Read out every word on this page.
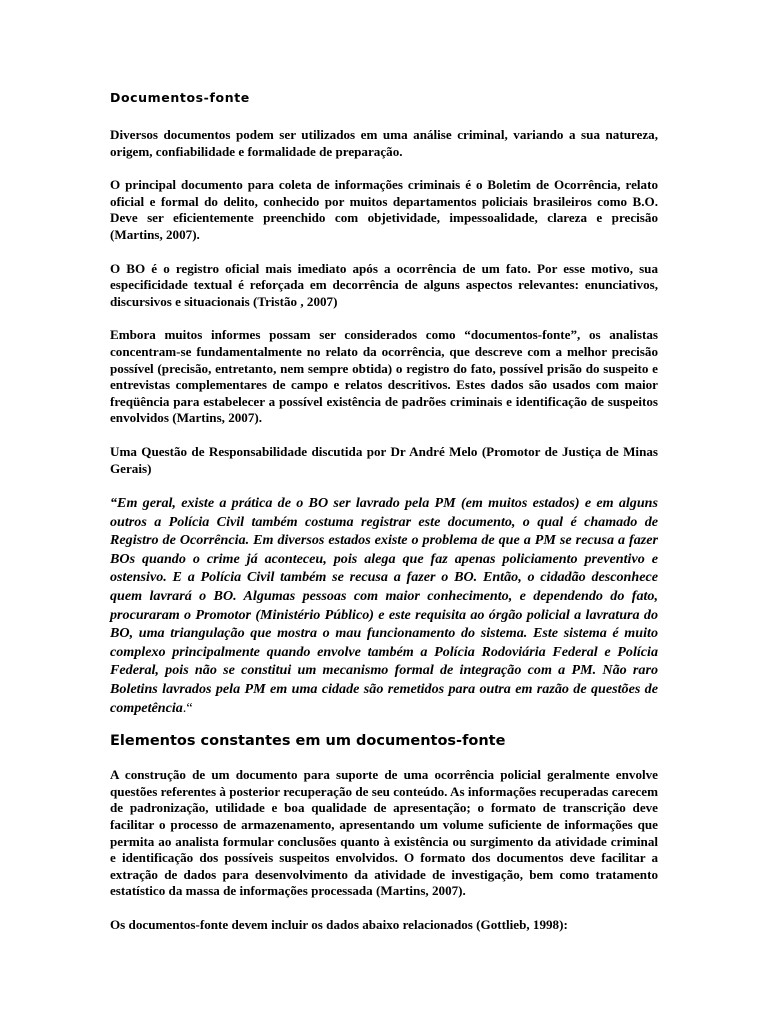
Documentos-fonte

Diversos documentos podem ser utilizados em uma análise criminal, variando a sua natureza, origem, confiabilidade e formalidade de preparação.

O principal documento para coleta de informações criminais é o Boletim de Ocorrência, relato oficial e formal do delito, conhecido por muitos departamentos policiais brasileiros como B.O. Deve ser eficientemente preenchido com objetividade, impessoalidade, clareza e precisão (Martins, 2007).

O BO é o registro oficial mais imediato após a ocorrência de um fato. Por esse motivo, sua especificidade textual é reforçada em decorrência de alguns aspectos relevantes: enunciativos, discursivos e situacionais (Tristão , 2007)

Embora muitos informes possam ser considerados como “documentos-fonte”, os analistas concentram-se fundamentalmente no relato da ocorrência, que descreve com a melhor precisão possível (precisão, entretanto, nem sempre obtida) o registro do fato, possível prisão do suspeito e entrevistas complementares de campo e relatos descritivos. Estes dados são usados com maior freqüência para estabelecer a possível existência de padrões criminais e identificação de suspeitos envolvidos (Martins, 2007).

Uma Questão de Responsabilidade discutida por Dr André Melo (Promotor de Justiça de Minas Gerais)

“Em geral, existe a prática de o BO ser lavrado pela PM (em muitos estados) e em alguns outros a Polícia Civil também costuma registrar este documento, o qual é chamado de Registro de Ocorrência. Em diversos estados existe o problema de que a PM se recusa a fazer BOs quando o crime já aconteceu, pois alega que faz apenas policiamento preventivo e ostensivo. E a Polícia Civil também se recusa a fazer o BO. Então, o cidadão desconhece quem lavrará o BO. Algumas pessoas com maior conhecimento, e dependendo do fato, procuraram o Promotor (Ministério Público) e este requisita ao órgão policial a lavratura do BO, uma triangulação que mostra o mau funcionamento do sistema. Este sistema é muito complexo principalmente quando envolve também a Polícia Rodoviária Federal e Polícia Federal, pois não se constitui um mecanismo formal de integração com a PM. Não raro Boletins lavrados pela PM em uma cidade são remetidos para outra em razão de questões de competência.“

Elementos constantes em um documentos-fonte

A construção de um documento para suporte de uma ocorrência policial geralmente envolve questões referentes à posterior recuperação de seu conteúdo. As informações recuperadas carecem de padronização, utilidade e boa qualidade de apresentação; o formato de transcrição deve facilitar o processo de armazenamento, apresentando um volume suficiente de informações que permita ao analista formular conclusões quanto à existência ou surgimento da atividade criminal e identificação dos possíveis suspeitos envolvidos. O formato dos documentos deve facilitar a extração de dados para desenvolvimento da atividade de investigação, bem como tratamento estatístico da massa de informações processada (Martins, 2007).

Os documentos-fonte devem incluir os dados abaixo relacionados (Gottlieb, 1998):
